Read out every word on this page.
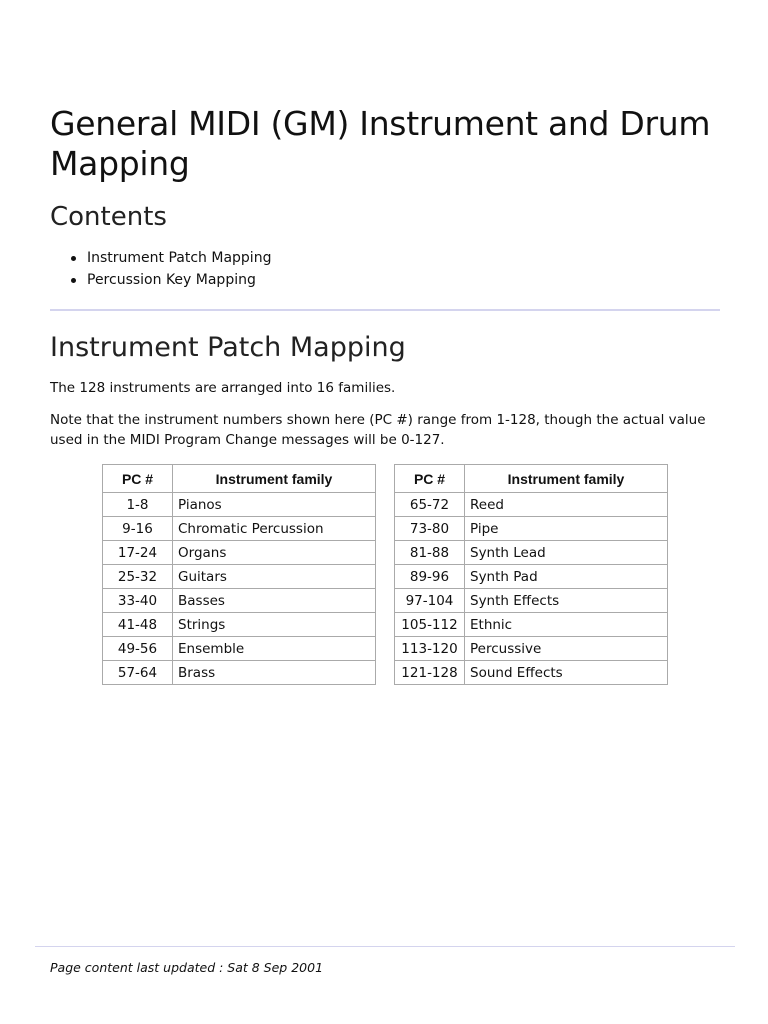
General MIDI (GM) Instrument and Drum Mapping
Contents
Instrument Patch Mapping
Percussion Key Mapping
Instrument Patch Mapping

The 128 instruments are arranged into 16 families.

Note that the instrument numbers shown here (PC #) range from 1-128, though the actual value used in the MIDI Program Change messages will be 0-127.

PC #	Instrument family
1-8	Pianos
9-16	Chromatic Percussion
17-24	Organs
25-32	Guitars
33-40	Basses
41-48	Strings
49-56	Ensemble
57-64	Brass
PC #	Instrument family
65-72	Reed
73-80	Pipe
81-88	Synth Lead
89-96	Synth Pad
97-104	Synth Effects
105-112	Ethnic
113-120	Percussive
121-128	Sound Effects

Page content last updated : Sat 8 Sep 2001
